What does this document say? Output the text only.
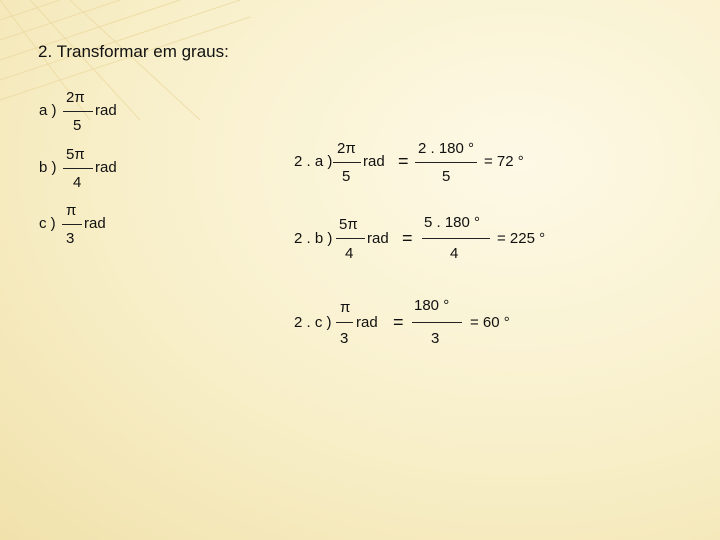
2. Transformar em graus:
a )
2π
rad
5
b )
5π
rad
4
c )
π
rad
3
2 . a )
2π
rad
5
=
2 . 180 °
5
= 72 °
2 . b )
5π
rad
4
=
5 . 180 °
4
= 225 °
2 . c )
π
rad
3
=
180 °
3
= 60 °
